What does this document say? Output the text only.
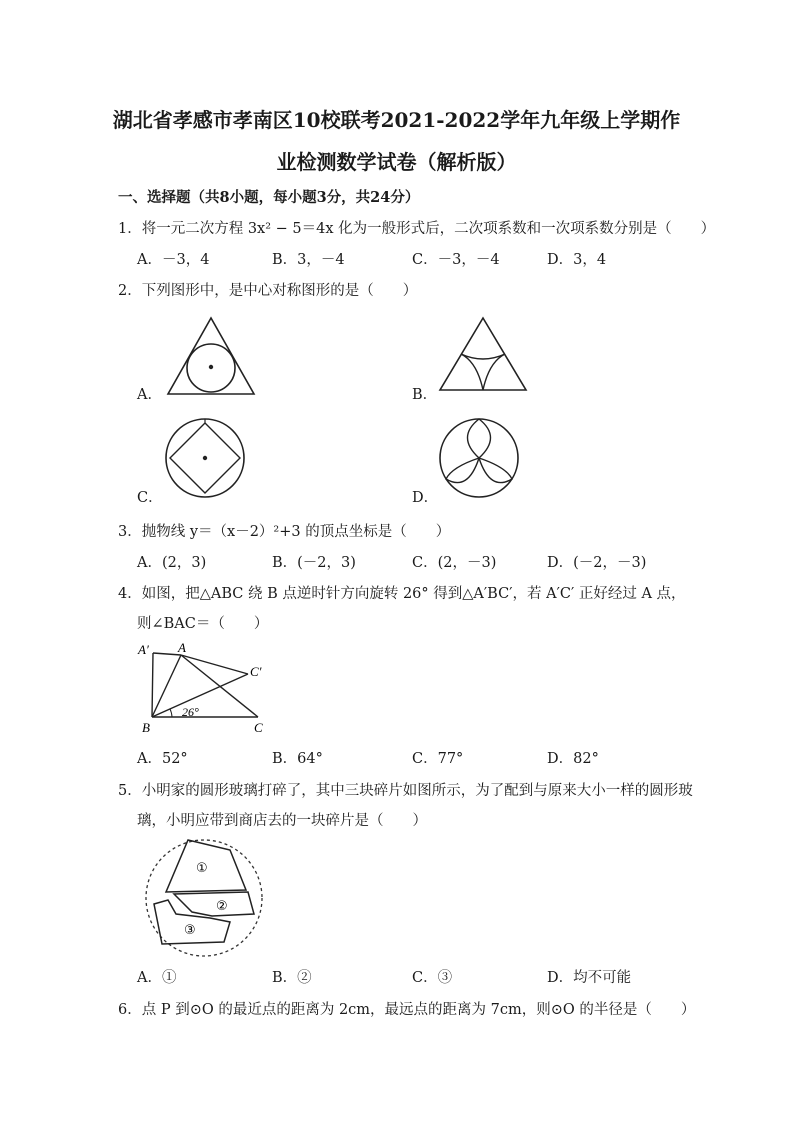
湖北省孝感市孝南区10校联考2021-2022学年九年级上学期作
业检测数学试卷（解析版）
一、选择题（共8小题，每小题3分，共24分）
1．将一元二次方程 3x² − 5＝4x 化为一般形式后，二次项系数和一次项系数分别是（　　）
A．－3，4	B．3，－4	C．－3，－4	D．3，4
2．下列图形中，是中心对称图形的是（　　）
A．	B．
C．	D．
3．抛物线 y＝（x－2）²+3 的顶点坐标是（　　）
A．(2，3)	B．(－2，3)	C．(2，－3)	D．(－2，－3)
4．如图，把△ABC 绕 B 点逆时针方向旋转 26° 得到△A′BC′，若 A′C′ 正好经过 A 点，
则∠BAC＝（　　）
A′ A
C′
26°
B	C
A．52°	B．64°	C．77°	D．82°
5．小明家的圆形玻璃打碎了，其中三块碎片如图所示，为了配到与原来大小一样的圆形玻
璃，小明应带到商店去的一块碎片是（　　）
①
②
③
A．①	B．②	C．③	D．均不可能
6．点 P 到⊙O 的最近点的距离为 2cm，最远点的距离为 7cm，则⊙O 的半径是（　　）
